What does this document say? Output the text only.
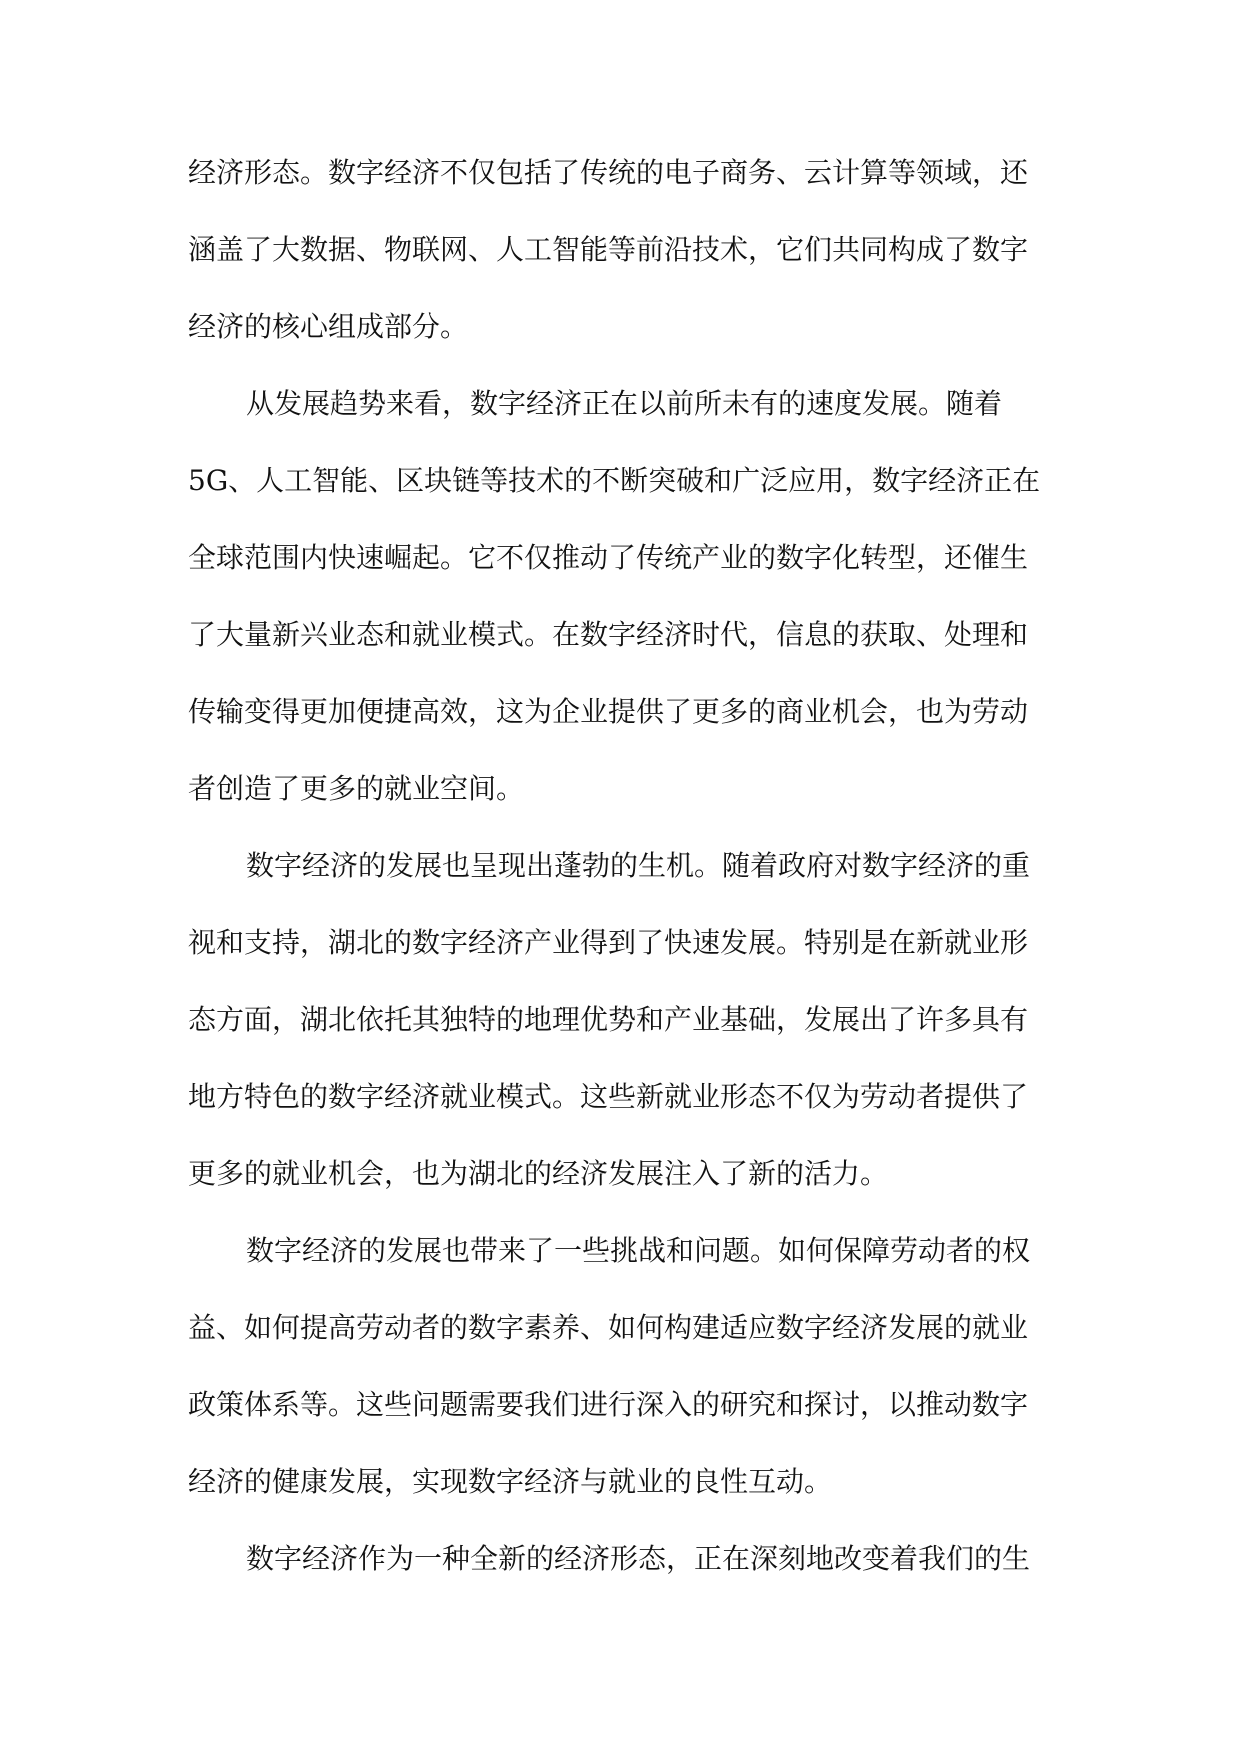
经济形态。数字经济不仅包括了传统的电子商务、云计算等领域，还
涵盖了大数据、物联网、人工智能等前沿技术，它们共同构成了数字
经济的核心组成部分。
从发展趋势来看，数字经济正在以前所未有的速度发展。随着
5G、人工智能、区块链等技术的不断突破和广泛应用，数字经济正在
全球范围内快速崛起。它不仅推动了传统产业的数字化转型，还催生
了大量新兴业态和就业模式。在数字经济时代，信息的获取、处理和
传输变得更加便捷高效，这为企业提供了更多的商业机会，也为劳动
者创造了更多的就业空间。
数字经济的发展也呈现出蓬勃的生机。随着政府对数字经济的重
视和支持，湖北的数字经济产业得到了快速发展。特别是在新就业形
态方面，湖北依托其独特的地理优势和产业基础，发展出了许多具有
地方特色的数字经济就业模式。这些新就业形态不仅为劳动者提供了
更多的就业机会，也为湖北的经济发展注入了新的活力。
数字经济的发展也带来了一些挑战和问题。如何保障劳动者的权
益、如何提高劳动者的数字素养、如何构建适应数字经济发展的就业
政策体系等。这些问题需要我们进行深入的研究和探讨，以推动数字
经济的健康发展，实现数字经济与就业的良性互动。
数字经济作为一种全新的经济形态，正在深刻地改变着我们的生
